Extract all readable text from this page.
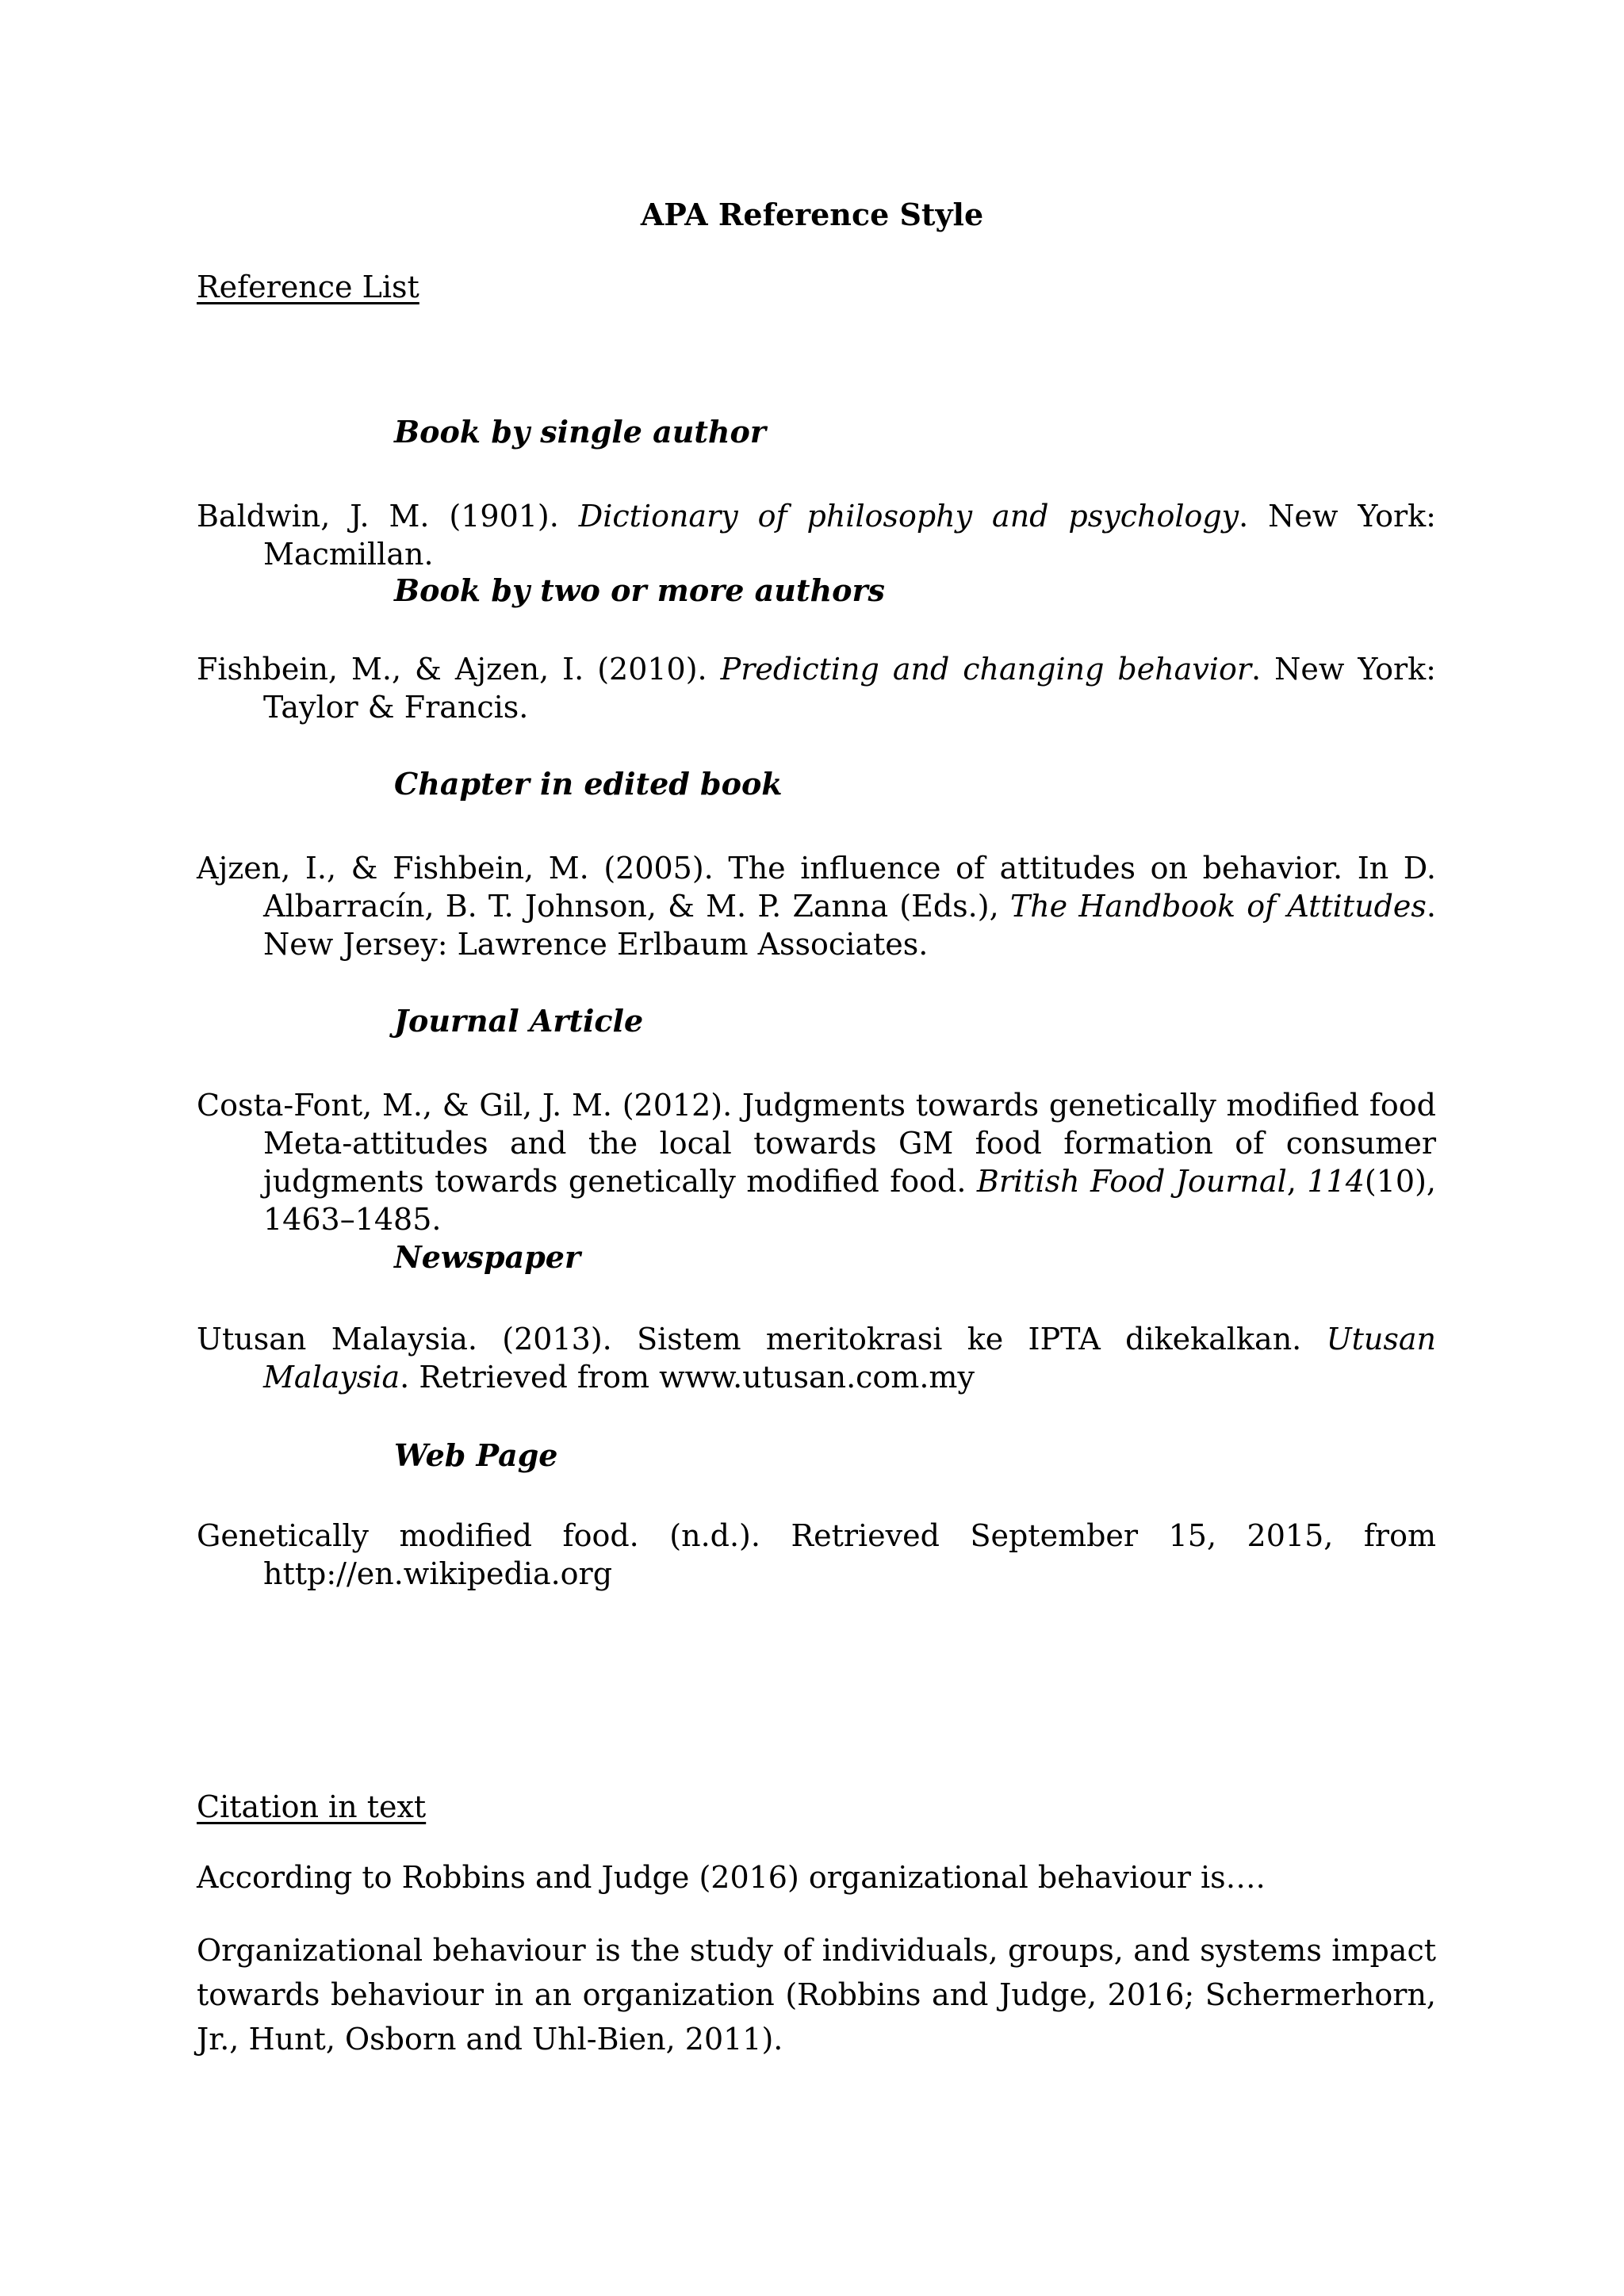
APA Reference Style
Reference List
Book by single author
Baldwin, J. M. (1901). Dictionary of philosophy and psychology. New York: Macmillan.
Book by two or more authors
Fishbein, M., & Ajzen, I. (2010). Predicting and changing behavior. New York: Taylor & Francis.
Chapter in edited book
Ajzen, I., & Fishbein, M. (2005). The influence of attitudes on behavior. In D. Albarracín, B. T. Johnson, & M. P. Zanna (Eds.), The Handbook of Attitudes. New Jersey: Lawrence Erlbaum Associates.
Journal Article
Costa-Font, M., & Gil, J. M. (2012). Judgments towards genetically modified food Meta-attitudes and the local towards GM food formation of consumer judgments towards genetically modified food. British Food Journal, 114(10), 1463–1485.
Newspaper
Utusan Malaysia. (2013). Sistem meritokrasi ke IPTA dikekalkan. Utusan Malaysia. Retrieved from www.utusan.com.my
Web Page
Genetically modified food. (n.d.). Retrieved September 15, 2015, from http://en.wikipedia.org
Citation in text

According to Robbins and Judge (2016) organizational behaviour is….

Organizational behaviour is the study of individuals, groups, and systems impact towards behaviour in an organization (Robbins and Judge, 2016; Schermerhorn, Jr., Hunt, Osborn and Uhl-Bien, 2011).
